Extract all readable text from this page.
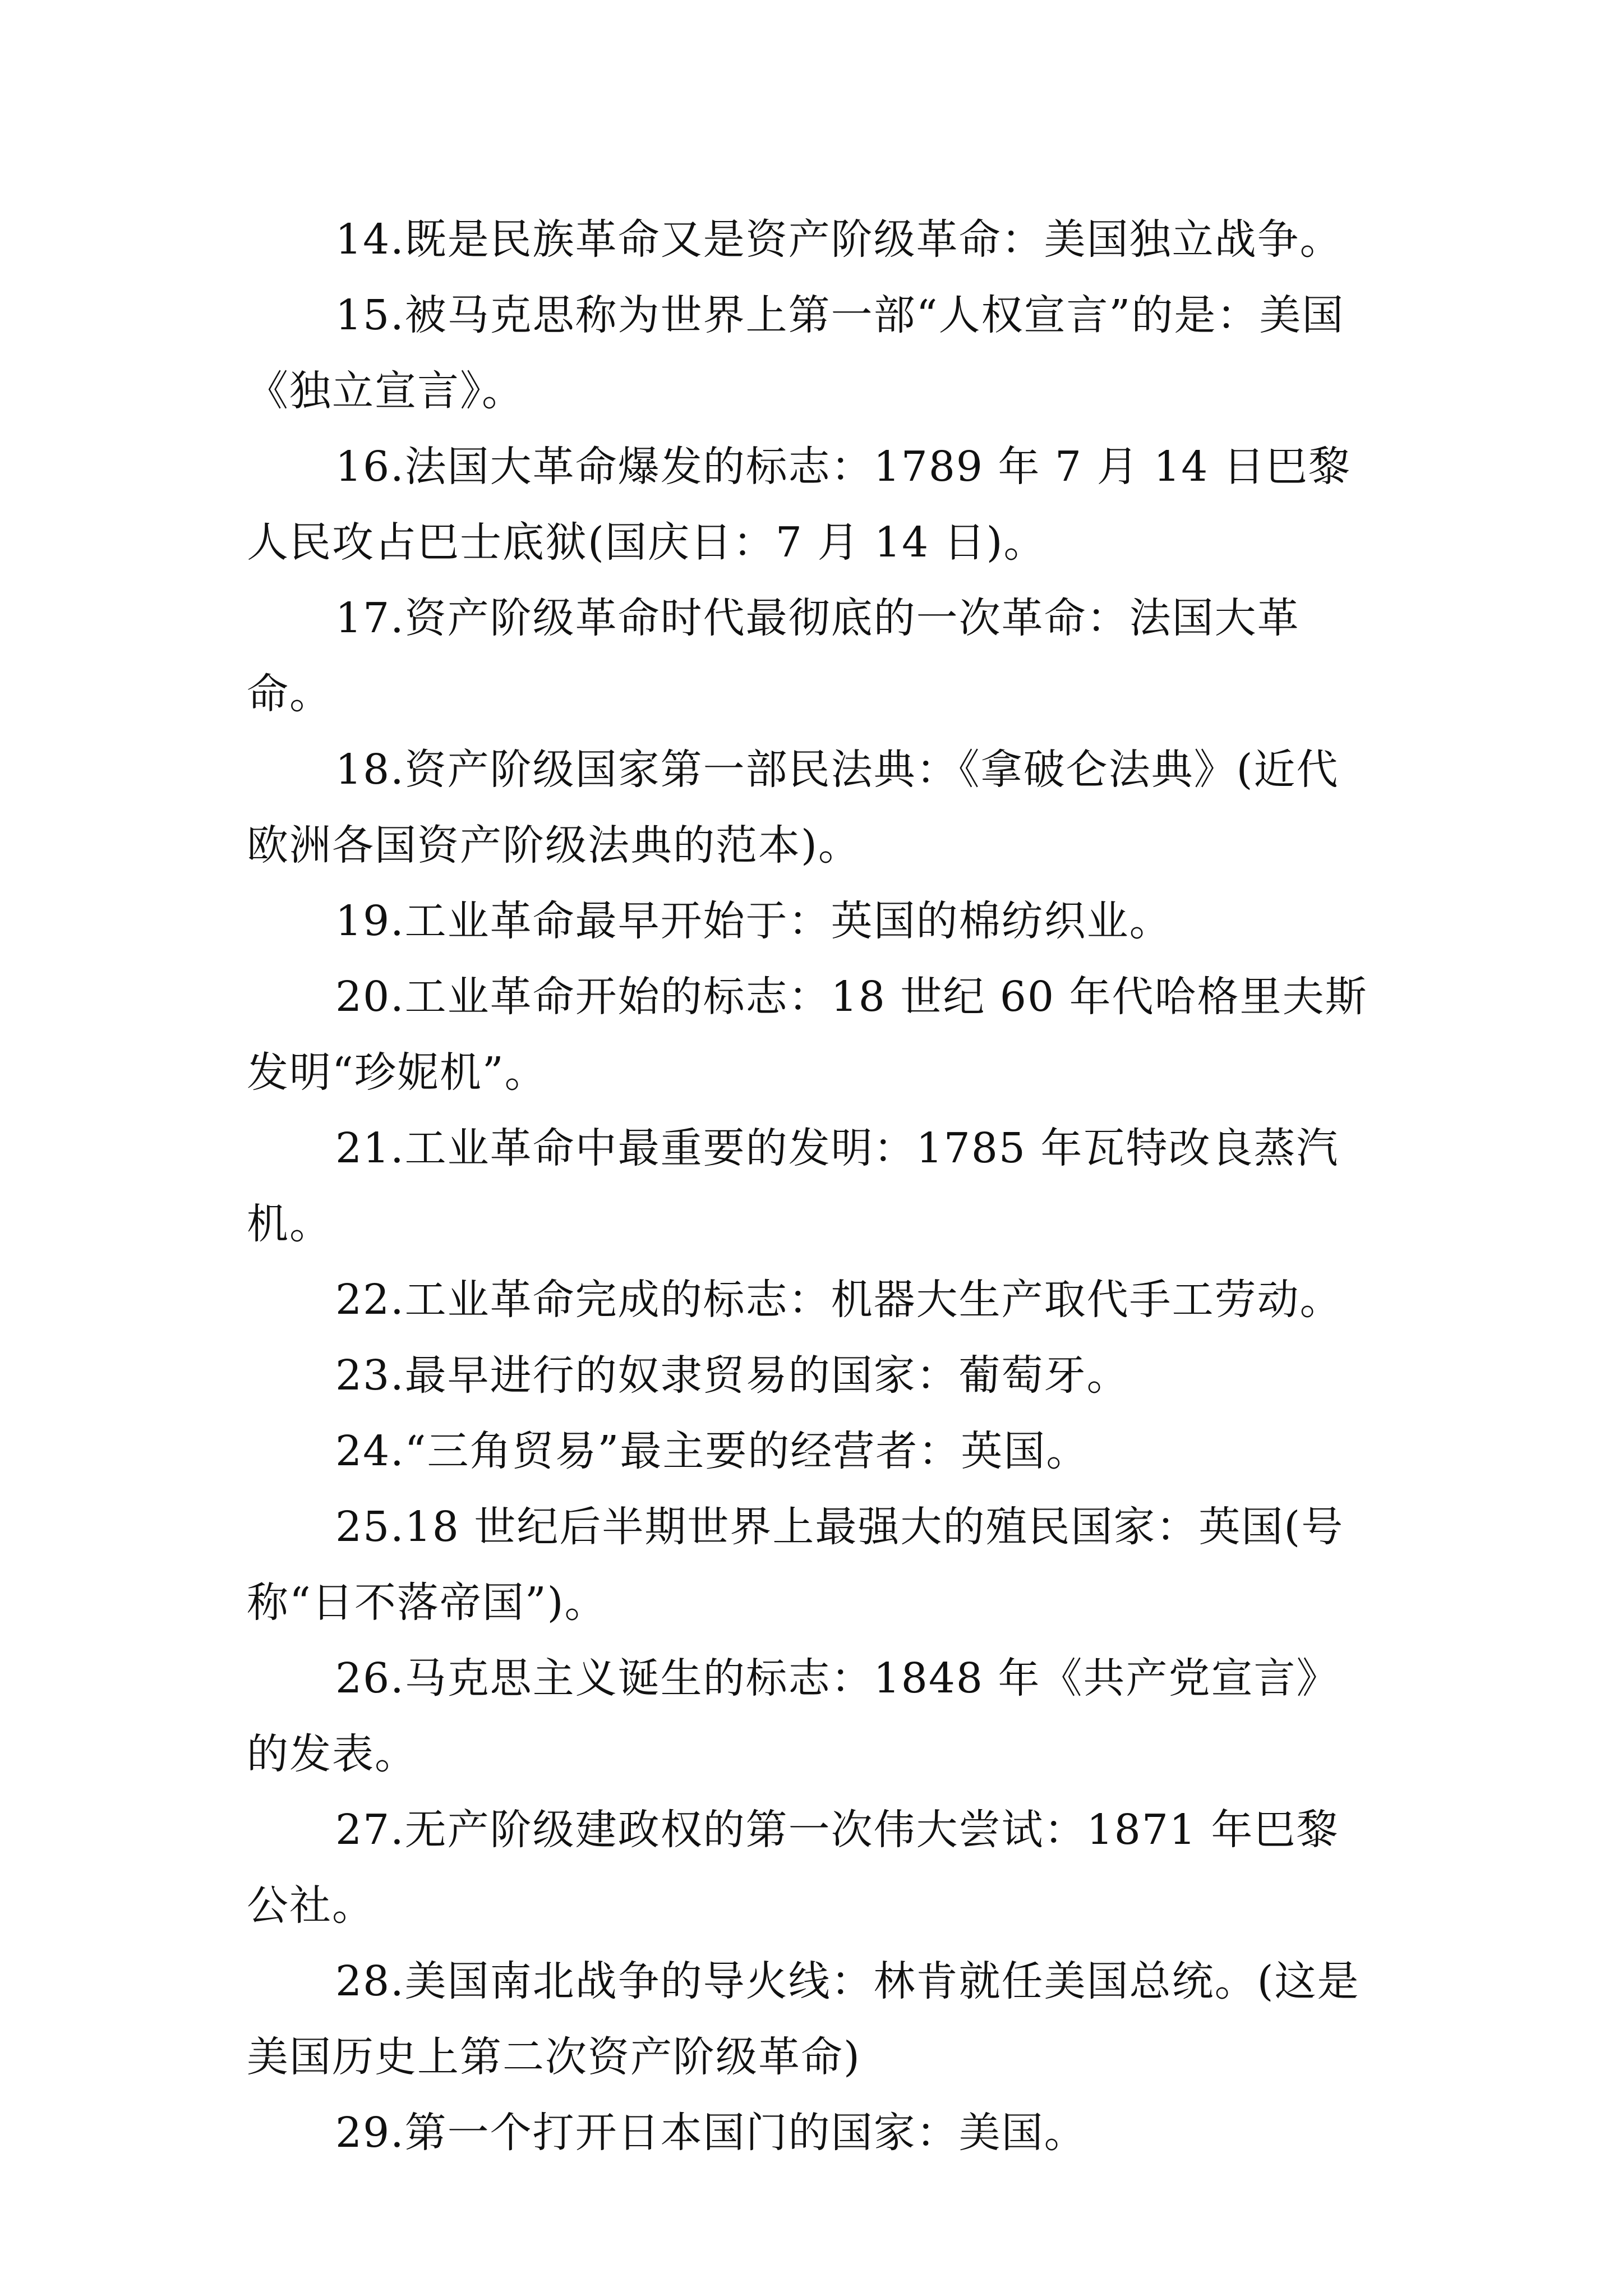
14.既是民族革命又是资产阶级革命：美国独立战争。

15.被马克思称为世界上第一部“人权宣言”的是：美国《独立宣言》。

16.法国大革命爆发的标志：1789 年 7 月 14 日巴黎人民攻占巴士底狱(国庆日：7 月 14 日)。

17.资产阶级革命时代最彻底的一次革命：法国大革命。

18.资产阶级国家第一部民法典：《拿破仑法典》(近代欧洲各国资产阶级法典的范本)。

19.工业革命最早开始于：英国的棉纺织业。

20.工业革命开始的标志：18 世纪 60 年代哈格里夫斯发明“珍妮机”。

21.工业革命中最重要的发明：1785 年瓦特改良蒸汽机。

22.工业革命完成的标志：机器大生产取代手工劳动。

23.最早进行的奴隶贸易的国家：葡萄牙。

24.“三角贸易”最主要的经营者：英国。

25.18 世纪后半期世界上最强大的殖民国家：英国(号称“日不落帝国”)。

26.马克思主义诞生的标志：1848 年《共产党宣言》的发表。

27.无产阶级建政权的第一次伟大尝试：1871 年巴黎公社。

28.美国南北战争的导火线：林肯就任美国总统。(这是美国历史上第二次资产阶级革命)

29.第一个打开日本国门的国家：美国。
